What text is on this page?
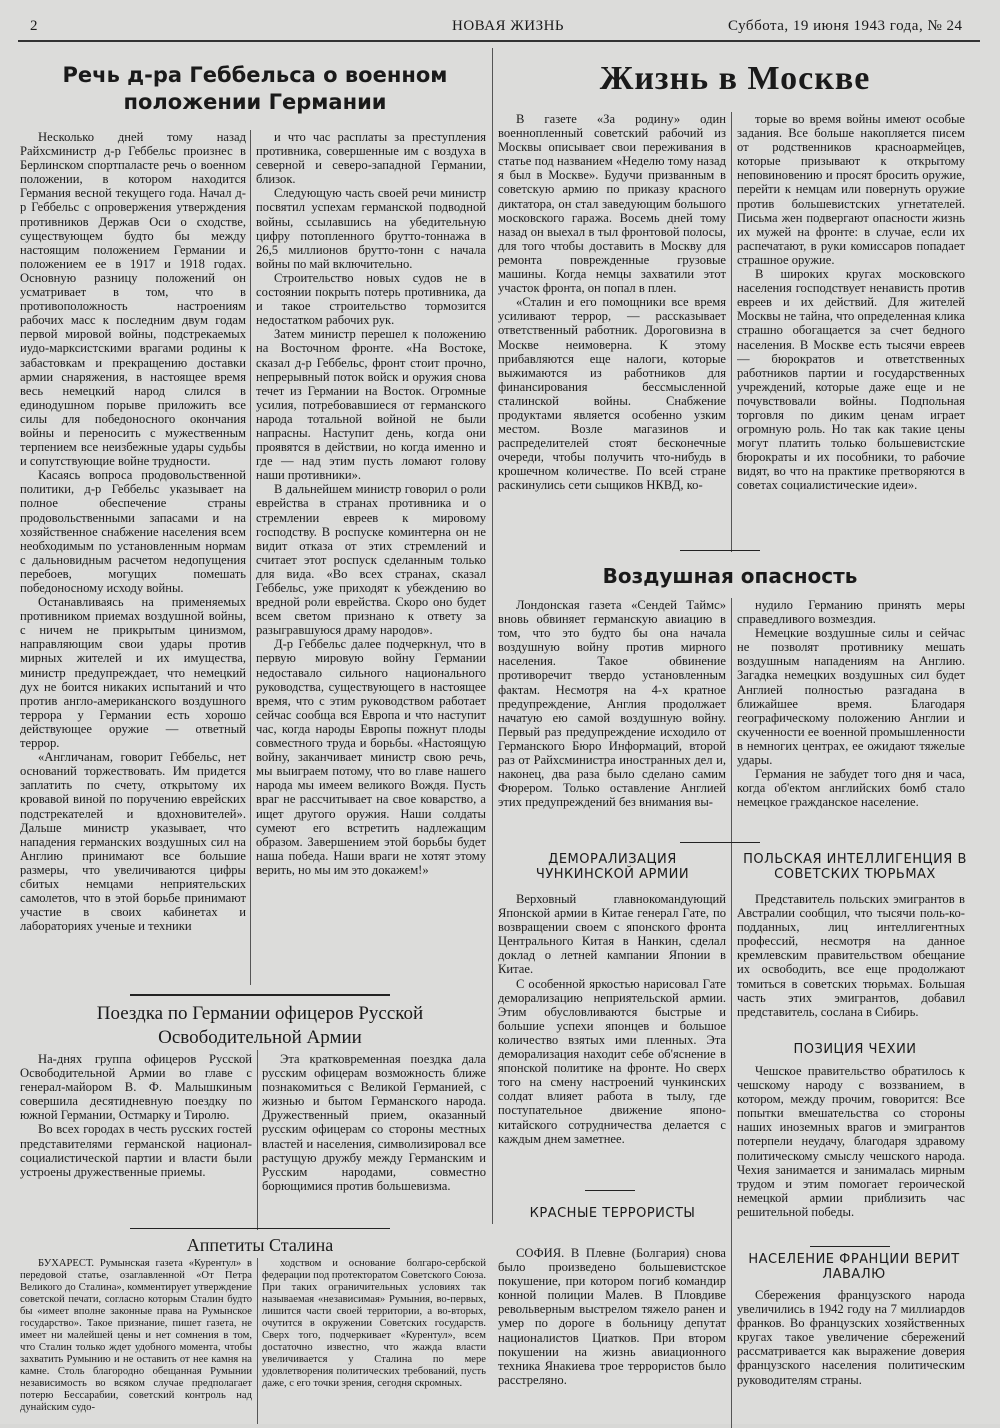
2	НОВАЯ ЖИЗНЬ	Суббота, 19 июня 1943 года, № 24
Речь д-ра Геббельса о военном положении Германии

Несколько дней тому назад Райхсминистр д-р Геббельс произнес в Берлинском спортпаласте речь о военном положении, в котором находится Германия весной текущего года. Начал д-р Геббельс с опровержения утверждения противников Держав Оси о сходстве, существующем будто бы между настоящим положением Германии и положением ее в 1917 и 1918 годах. Основную разницу положений он усматривает в том, что в противоположность настроениям рабочих масс к последним двум годам первой мировой войны, подстрекаемых иудо-марксистскими врагами родины к забастовкам и прекращению доставки армии снаряжения, в настоящее время весь немецкий народ слился в единодушном порыве приложить все силы для победоносного окончания войны и переносить с мужественным терпением все неизбежные удары судьбы и сопутствующие войне трудности.

Касаясь вопроса продовольственной политики, д-р Геббельс указывает на полное обеспечение страны продовольственными запасами и на хозяйственное снабжение населения всем необходимым по установленным нормам с дальновидным расчетом недопущения перебоев, могущих помешать победоносному исходу войны.

Останавливаясь на применяемых противником приемах воздушной войны, с ничем не прикрытым цинизмом, направляющим свои удары против мирных жителей и их имущества, министр предупреждает, что немецкий дух не боится никаких испытаний и что против англо-американского воздушного террора у Германии есть хорошо действующее оружие — ответный террор.

«Англичанам, говорит Геббельс, нет оснований торжествовать. Им придется заплатить по счету, открытому их кровавой виной по поручению еврейских подстрекателей и вдохновителей». Дальше министр указывает, что нападения германских воздушных сил на Англию принимают все большие размеры, что увеличиваются цифры сбитых немцами неприятельских самолетов, что в этой борьбе принимают участие в своих кабинетах и лабораториях ученые и техники

и что час расплаты за преступления противника, совершенные им с воздуха в северной и северо-западной Германии, близок.

Следующую часть своей речи министр посвятил успехам германской подводной войны, ссылавшись на убедительную цифру потопленного брутто-тоннажа в 26,5 миллионов брутто-тонн с начала войны по май включительно.

Строительство новых судов не в состоянии покрыть потерь противника, да и такое строительство тормозится недостатком рабочих рук.

Затем министр перешел к положению на Восточном фронте. «На Востоке, сказал д-р Геббельс, фронт стоит прочно, непрерывный поток войск и оружия снова течет из Германии на Восток. Огромные усилия, потребовавшиеся от германского народа тотальной войной не были напрасны. Наступит день, когда они проявятся в действии, но когда именно и где — над этим пусть ломают голову наши противники».

В дальнейшем министр говорил о роли еврейства в странах противника и о стремлении евреев к мировому господству. В роспуске коминтерна он не видит отказа от этих стремлений и считает этот роспуск сделанным только для вида. «Во всех странах, сказал Геббельс, уже приходят к убеждению во вредной роли еврейства. Скоро оно будет всем светом признано к ответу за разыгравшуюся драму народов».

Д-р Геббельс далее подчеркнул, что в первую мировую войну Германии недоставало сильного национального руководства, существующего в настоящее время, что с этим руководством работает сейчас сообща вся Европа и что наступит час, когда народы Европы пожнут плоды совместного труда и борьбы. «Настоящую войну, заканчивает министр свою речь, мы выиграем потому, что во главе нашего народа мы имеем великого Вождя. Пусть враг не рассчитывает на свое коварство, а ищет другого оружия. Наши солдаты сумеют его встретить надлежащим образом. Завершением этой борьбы будет наша победа. Наши враги не хотят этому верить, но мы им это докажем!»

Поездка по Германии офицеров Русской Освободительной Армии

На-днях группа офицеров Русской Освободительной Армии во главе с генерал-майором В. Ф. Малышкиным совершила десятидневную поездку по южной Германии, Остмарку и Тиролю.

Во всех городах в честь русских гостей представителями германской национал-социалистической партии и власти были устроены дружественные приемы.

Эта кратковременная поездка дала русским офицерам возможность ближе познакомиться с Великой Германией, с жизнью и бытом Германского народа. Дружественный прием, оказанный русским офицерам со стороны местных властей и населения, символизировал все растущую дружбу между Германским и Русским народами, совместно борющимися против большевизма.

Аппетиты Сталина

БУХАРЕСТ. Румынская газета «Курентул» в передовой статье, озаглавленной «От Петра Великого до Сталина», комментирует утверждение советской печати, согласно которым Сталин будто бы «имеет вполне законные права на Румынское государство». Такое признание, пишет газета, не имеет ни малейшей цены и нет сомнения в том, что Сталин только ждет удобного момента, чтобы захватить Румынию и не оставить от нее камня на камне. Столь благородно обещанная Румынии независимость во всяком случае предполагает потерю Бессарабии, советский контроль над дунайским судо-

ходством и основание болгаро-сербской федерации под протекторатом Советского Союза. При таких ограничительных условиях так называемая «независимая» Румыния, во-первых, лишится части своей территории, а во-вторых, очутится в окружении Советских государств. Сверх того, подчеркивает «Курентул», всем достаточно известно, что жажда власти увеличивается у Сталина по мере удовлетворения политических требований, пусть даже, с его точки зрения, сегодня скромных.

Жизнь в Москве

В газете «За родину» один военнопленный советский рабочий из Москвы описывает свои переживания в статье под названием «Неделю тому назад я был в Москве». Будучи призванным в советскую армию по приказу красного диктатора, он стал заведующим большого московского гаража. Восемь дней тому назад он выехал в тыл фронтовой полосы, для того чтобы доставить в Москву для ремонта поврежденные грузовые машины. Когда немцы захватили этот участок фронта, он попал в плен.

«Сталин и его помощники все время усиливают террор, — рассказывает ответственный работник. Дороговизна в Москве неимоверна. К этому прибавляются еще налоги, которые выжимаются из работников для финансирования бессмысленной сталинской войны. Снабжение продуктами является особенно узким местом. Возле магазинов и распределителей стоят бесконечные очереди, чтобы получить что-нибудь в крошечном количестве. По всей стране раскинулись сети сыщиков НКВД, ко-

торые во время войны имеют особые задания. Все больше накопляется писем от родственников красноармейцев, которые призывают к открытому неповиновению и просят бросить оружие, перейти к немцам или повернуть оружие против большевистских угнетателей. Письма жен подвергают опасности жизнь их мужей на фронте: в случае, если их распечатают, в руки комиссаров попадает страшное оружие.

В широких кругах московского населения господствует ненависть против евреев и их действий. Для жителей Москвы не тайна, что определенная клика страшно обогащается за счет бедного населения. В Москве есть тысячи евреев — бюрократов и ответственных работников партии и государственных учреждений, которые даже еще и не почувствовали войны. Подпольная торговля по диким ценам играет огромную роль. Но так как такие цены могут платить только большевистские бюрократы и их пособники, то рабочие видят, во что на практике претворяются в советах социалистические идеи».

Воздушная опасность

Лондонская газета «Сендей Таймс» вновь обвиняет германскую авиацию в том, что это будто бы она начала воздушную войну против мирного населения. Такое обвинение противоречит твердо установленным фактам. Несмотря на 4-х кратное предупреждение, Англия продолжает начатую ею самой воздушную войну. Первый раз предупреждение исходило от Германского Бюро Информаций, второй раз от Райхсминистра иностранных дел и, наконец, два раза было сделано самим Фюрером. Только оставление Англией этих предупреждений без внимания вы-

нудило Германию принять меры справедливого возмездия.

Немецкие воздушные силы и сейчас не позволят противнику мешать воздушным нападениям на Англию. Загадка немецких воздушных сил будет Англией полностью разгадана в ближайшее время. Благодаря географическому положению Англии и скученности ее военной промышленности в немногих центрах, ее ожидают тяжелые удары.

Германия не забудет того дня и часа, когда об'ектом английских бомб стало немецкое гражданское население.

ДЕМОРАЛИЗАЦИЯ ЧУНКИНСКОЙ АРМИИ

Верховный главнокомандующий Японской армии в Китае генерал Гате, по возвращении своем с японского фронта Центрального Китая в Нанкин, сделал доклад о летней кампании Японии в Китае.

С особенной яркостью нарисовал Гате деморализацию неприятельской армии. Этим обусловливаются быстрые и большие успехи японцев и большое количество взятых ими пленных. Эта деморализация находит себе об'яснение в японской политике на фронте. Но сверх того на смену настроений чункинских солдат влияет работа в тылу, где поступательное движение японо-китайского сотрудничества делается с каждым днем заметнее.

КРАСНЫЕ ТЕРРОРИСТЫ

СОФИЯ. В Плевне (Болгария) снова было произведено большевистское покушение, при котором погиб командир конной полиции Малев. В Пловдиве револьверным выстрелом тяжело ранен и умер по дороге в больницу депутат националистов Циатков. При втором покушении на жизнь авиационного техника Янакиева трое террористов было расстреляно.

ПОЛЬСКАЯ ИНТЕЛЛИГЕНЦИЯ В СОВЕТСКИХ ТЮРЬМАХ

Представитель польских эмигрантов в Австралии сообщил, что тысячи поль-ко-подданных, лиц интеллигентных профессий, несмотря на данное кремлевским правительством обещание их освободить, все еще продолжают томиться в советских тюрьмах. Большая часть этих эмигрантов, добавил представитель, сослана в Сибирь.

ПОЗИЦИЯ ЧЕХИИ

Чешское правительство обратилось к чешскому народу с воззванием, в котором, между прочим, говорится: Все попытки вмешательства со стороны наших иноземных врагов и эмигрантов потерпели неудачу, благодаря здравому политическому смыслу чешского народа. Чехия занимается и занималась мирным трудом и этим помогает героической немецкой армии приблизить час решительной победы.

НАСЕЛЕНИЕ ФРАНЦИИ ВЕРИТ ЛАВАЛЮ

Сбережения французского народа увеличились в 1942 году на 7 миллиардов франков. Во французских хозяйственных кругах такое увеличение сбережений рассматривается как выражение доверия французского населения политическим руководителям страны.
